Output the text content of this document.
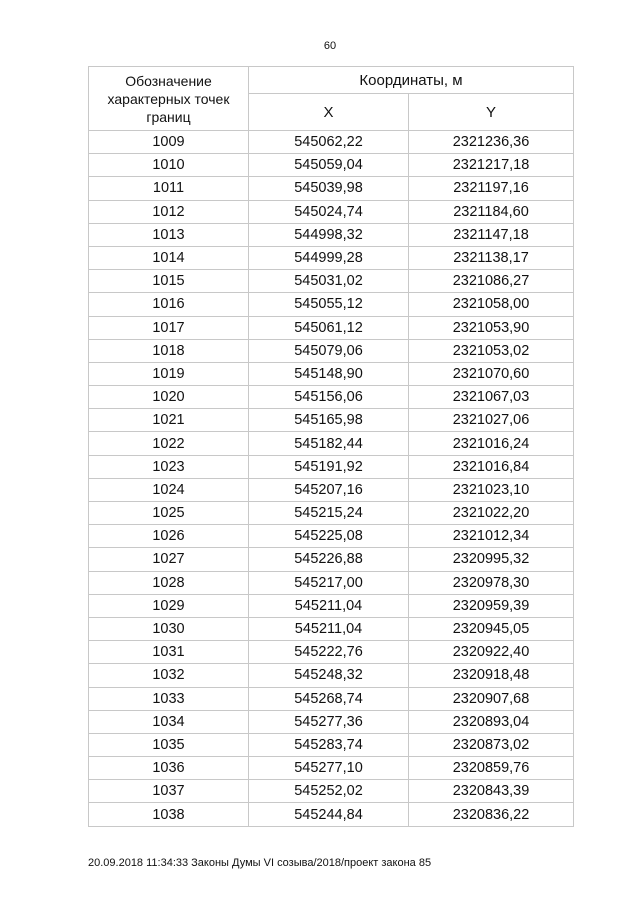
60
Обозначение характерных точек границ	Координаты, м	
	X	Y
1009	545062,22	2321236,36
1010	545059,04	2321217,18
1011	545039,98	2321197,16
1012	545024,74	2321184,60
1013	544998,32	2321147,18
1014	544999,28	2321138,17
1015	545031,02	2321086,27
1016	545055,12	2321058,00
1017	545061,12	2321053,90
1018	545079,06	2321053,02
1019	545148,90	2321070,60
1020	545156,06	2321067,03
1021	545165,98	2321027,06
1022	545182,44	2321016,24
1023	545191,92	2321016,84
1024	545207,16	2321023,10
1025	545215,24	2321022,20
1026	545225,08	2321012,34
1027	545226,88	2320995,32
1028	545217,00	2320978,30
1029	545211,04	2320959,39
1030	545211,04	2320945,05
1031	545222,76	2320922,40
1032	545248,32	2320918,48
1033	545268,74	2320907,68
1034	545277,36	2320893,04
1035	545283,74	2320873,02
1036	545277,10	2320859,76
1037	545252,02	2320843,39
1038	545244,84	2320836,22
20.09.2018 11:34:33 Законы Думы VI созыва/2018/проект закона 85
